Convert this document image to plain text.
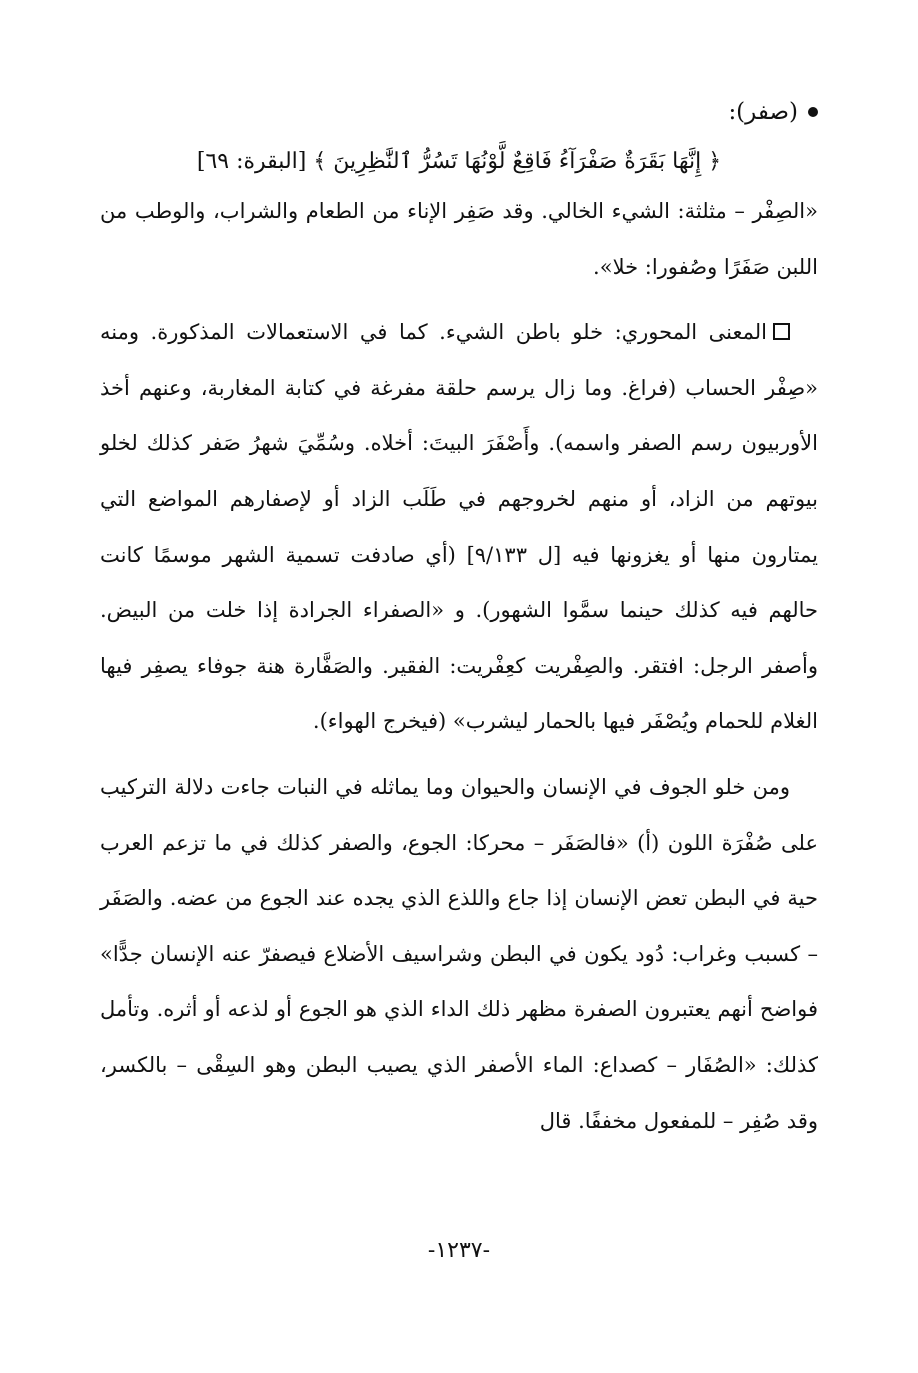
(صفر):
﴿ إِنَّهَا بَقَرَةٌ صَفْرَآءُ فَاقِعٌ لَّوْنُهَا تَسُرُّ ٱلنَّٰظِرِينَ ﴾ [البقرة: ٦٩]

«الصِفْر – مثلثة: الشيء الخالي. وقد صَفِر الإناء من الطعام والشراب، والوطب من اللبن صَفَرًا وصُفورا: خلا».

المعنى المحوري: خلو باطن الشيء. كما في الاستعمالات المذكورة. ومنه «صِفْر الحساب (فراغ. وما زال يرسم حلقة مفرغة في كتابة المغاربة، وعنهم أخذ الأوربيون رسم الصفر واسمه). وأَصْفَرَ البيتَ: أخلاه. وسُمِّيَ شهرُ صَفر كذلك لخلو بيوتهم من الزاد، أو منهم لخروجهم في طَلَب الزاد أو لإصفارهم المواضع التي يمتارون منها أو يغزونها فيه [ل ٩/١٣٣] (أي صادفت تسمية الشهر موسمًا كانت حالهم فيه كذلك حينما سمَّوا الشهور). و «الصفراء الجرادة إذا خلت من البيض. وأصفر الرجل: افتقر. والصِفْريت كعِفْريت: الفقير. والصَفَّارة هنة جوفاء يصفِر فيها الغلام للحمام ويُصْفَر فيها بالحمار ليشرب» (فيخرج الهواء).

ومن خلو الجوف في الإنسان والحيوان وما يماثله في النبات جاءت دلالة التركيب على صُفْرَة اللون (أ) «فالصَفَر – محركا: الجوع، والصفر كذلك في ما تزعم العرب حية في البطن تعض الإنسان إذا جاع واللذع الذي يجده عند الجوع من عضه. والصَفَر – كسبب وغراب: دُود يكون في البطن وشراسيف الأضلاع فيصفرّ عنه الإنسان جدًّا» فواضح أنهم يعتبرون الصفرة مظهر ذلك الداء الذي هو الجوع أو لذعه أو أثره. وتأمل كذلك: «الصُفَار – كصداع: الماء الأصفر الذي يصيب البطن وهو السِقْى – بالكسر، وقد صُفِر – للمفعول مخففًا. قال

-١٢٣٧-
